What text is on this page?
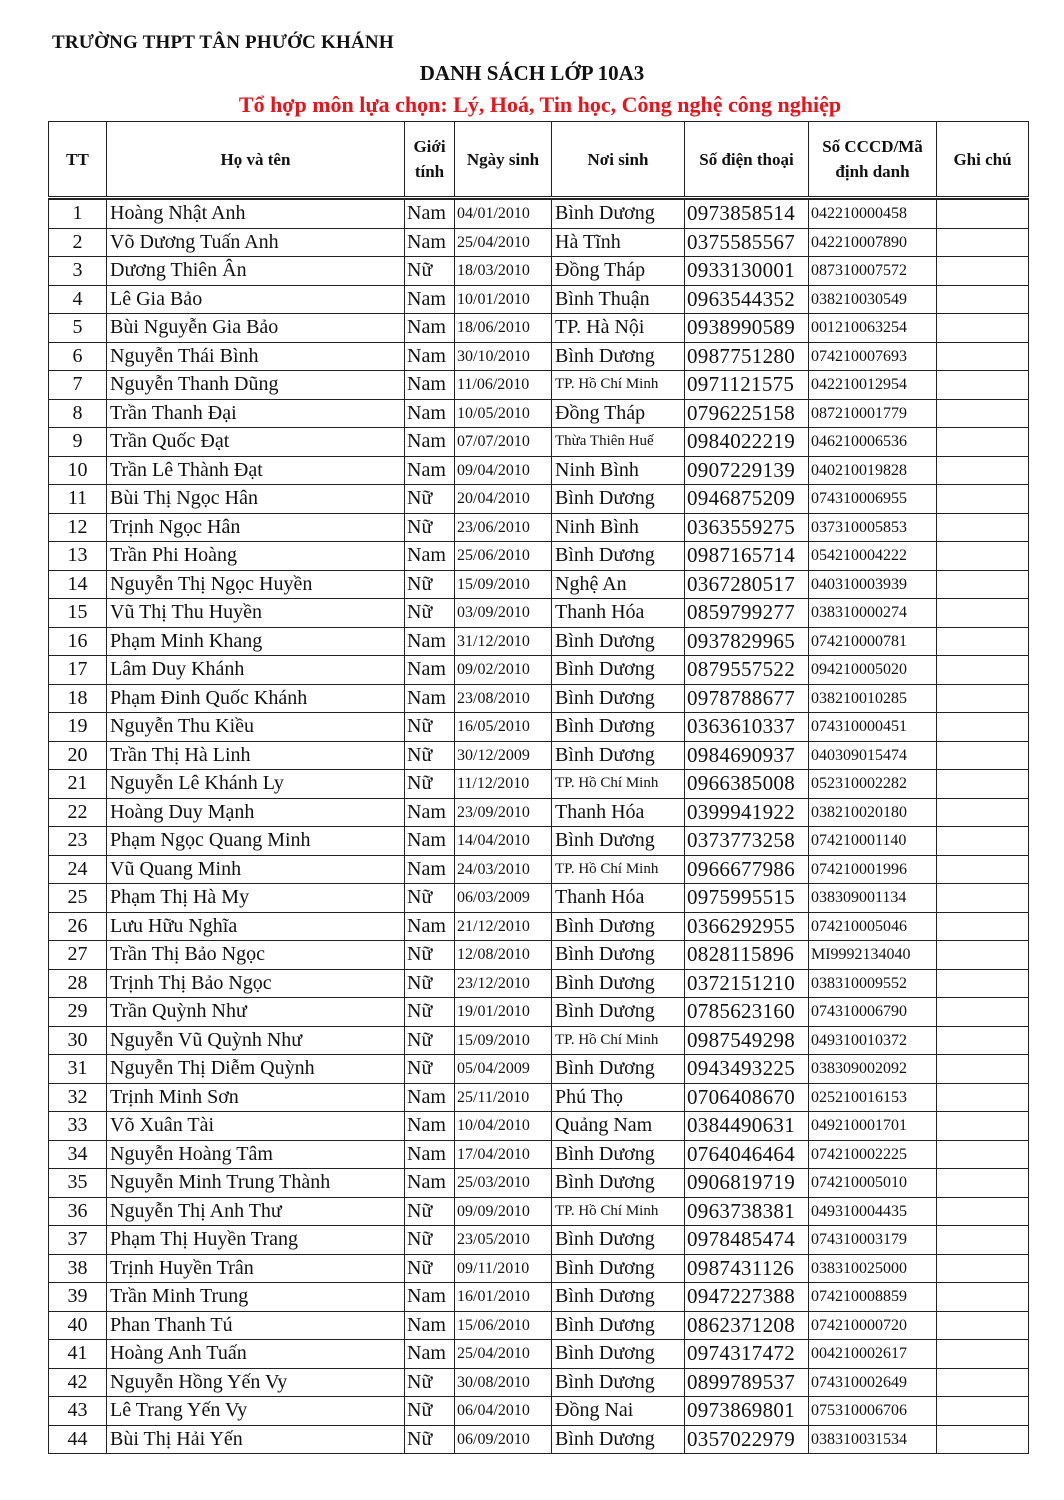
TRƯỜNG THPT TÂN PHƯỚC KHÁNH
DANH SÁCH LỚP 10A3
Tổ hợp môn lựa chọn: Lý, Hoá, Tin học, Công nghệ công nghiệp
TT	Họ và tên	Giới tính	Ngày sinh	Nơi sinh	Số điện thoại	Số CCCD/Mã định danh	Ghi chú

1	Hoàng Nhật Anh	Nam	04/01/2010	Bình Dương	0973858514	042210000458	
2	Võ Dương Tuấn Anh	Nam	25/04/2010	Hà Tĩnh	0375585567	042210007890	
3	Dương Thiên Ân	Nữ	18/03/2010	Đồng Tháp	0933130001	087310007572	
4	Lê Gia Bảo	Nam	10/01/2010	Bình Thuận	0963544352	038210030549	
5	Bùi Nguyễn Gia Bảo	Nam	18/06/2010	TP. Hà Nội	0938990589	001210063254	
6	Nguyễn Thái Bình	Nam	30/10/2010	Bình Dương	0987751280	074210007693	
7	Nguyễn Thanh Dũng	Nam	11/06/2010	TP. Hồ Chí Minh	0971121575	042210012954	
8	Trần Thanh Đại	Nam	10/05/2010	Đồng Tháp	0796225158	087210001779	
9	Trần Quốc Đạt	Nam	07/07/2010	Thừa Thiên Huế	0984022219	046210006536	
10	Trần Lê Thành Đạt	Nam	09/04/2010	Ninh Bình	0907229139	040210019828	
11	Bùi Thị Ngọc Hân	Nữ	20/04/2010	Bình Dương	0946875209	074310006955	
12	Trịnh Ngọc Hân	Nữ	23/06/2010	Ninh Bình	0363559275	037310005853	
13	Trần Phi Hoàng	Nam	25/06/2010	Bình Dương	0987165714	054210004222	
14	Nguyễn Thị Ngọc Huyền	Nữ	15/09/2010	Nghệ An	0367280517	040310003939	
15	Vũ Thị Thu Huyền	Nữ	03/09/2010	Thanh Hóa	0859799277	038310000274	
16	Phạm Minh Khang	Nam	31/12/2010	Bình Dương	0937829965	074210000781	
17	Lâm Duy Khánh	Nam	09/02/2010	Bình Dương	0879557522	094210005020	
18	Phạm Đinh Quốc Khánh	Nam	23/08/2010	Bình Dương	0978788677	038210010285	
19	Nguyễn Thu Kiều	Nữ	16/05/2010	Bình Dương	0363610337	074310000451	
20	Trần Thị Hà Linh	Nữ	30/12/2009	Bình Dương	0984690937	040309015474	
21	Nguyễn Lê Khánh Ly	Nữ	11/12/2010	TP. Hồ Chí Minh	0966385008	052310002282	
22	Hoàng Duy Mạnh	Nam	23/09/2010	Thanh Hóa	0399941922	038210020180	
23	Phạm Ngọc Quang Minh	Nam	14/04/2010	Bình Dương	0373773258	074210001140	
24	Vũ Quang Minh	Nam	24/03/2010	TP. Hồ Chí Minh	0966677986	074210001996	
25	Phạm Thị Hà My	Nữ	06/03/2009	Thanh Hóa	0975995515	038309001134	
26	Lưu Hữu Nghĩa	Nam	21/12/2010	Bình Dương	0366292955	074210005046	
27	Trần Thị Bảo Ngọc	Nữ	12/08/2010	Bình Dương	0828115896	MI9992134040	
28	Trịnh Thị Bảo Ngọc	Nữ	23/12/2010	Bình Dương	0372151210	038310009552	
29	Trần Quỳnh Như	Nữ	19/01/2010	Bình Dương	0785623160	074310006790	
30	Nguyễn Vũ Quỳnh Như	Nữ	15/09/2010	TP. Hồ Chí Minh	0987549298	049310010372	
31	Nguyễn Thị Diễm Quỳnh	Nữ	05/04/2009	Bình Dương	0943493225	038309002092	
32	Trịnh Minh Sơn	Nam	25/11/2010	Phú Thọ	0706408670	025210016153	
33	Võ Xuân Tài	Nam	10/04/2010	Quảng Nam	0384490631	049210001701	
34	Nguyễn Hoàng Tâm	Nam	17/04/2010	Bình Dương	0764046464	074210002225	
35	Nguyễn Minh Trung Thành	Nam	25/03/2010	Bình Dương	0906819719	074210005010	
36	Nguyễn Thị Anh Thư	Nữ	09/09/2010	TP. Hồ Chí Minh	0963738381	049310004435	
37	Phạm Thị Huyền Trang	Nữ	23/05/2010	Bình Dương	0978485474	074310003179	
38	Trịnh Huyền Trân	Nữ	09/11/2010	Bình Dương	0987431126	038310025000	
39	Trần Minh Trung	Nam	16/01/2010	Bình Dương	0947227388	074210008859	
40	Phan Thanh Tú	Nam	15/06/2010	Bình Dương	0862371208	074210000720	
41	Hoàng Anh Tuấn	Nam	25/04/2010	Bình Dương	0974317472	004210002617	
42	Nguyễn Hồng Yến Vy	Nữ	30/08/2010	Bình Dương	0899789537	074310002649	
43	Lê Trang Yến Vy	Nữ	06/04/2010	Đồng Nai	0973869801	075310006706	
44	Bùi Thị Hải Yến	Nữ	06/09/2010	Bình Dương	0357022979	038310031534	
